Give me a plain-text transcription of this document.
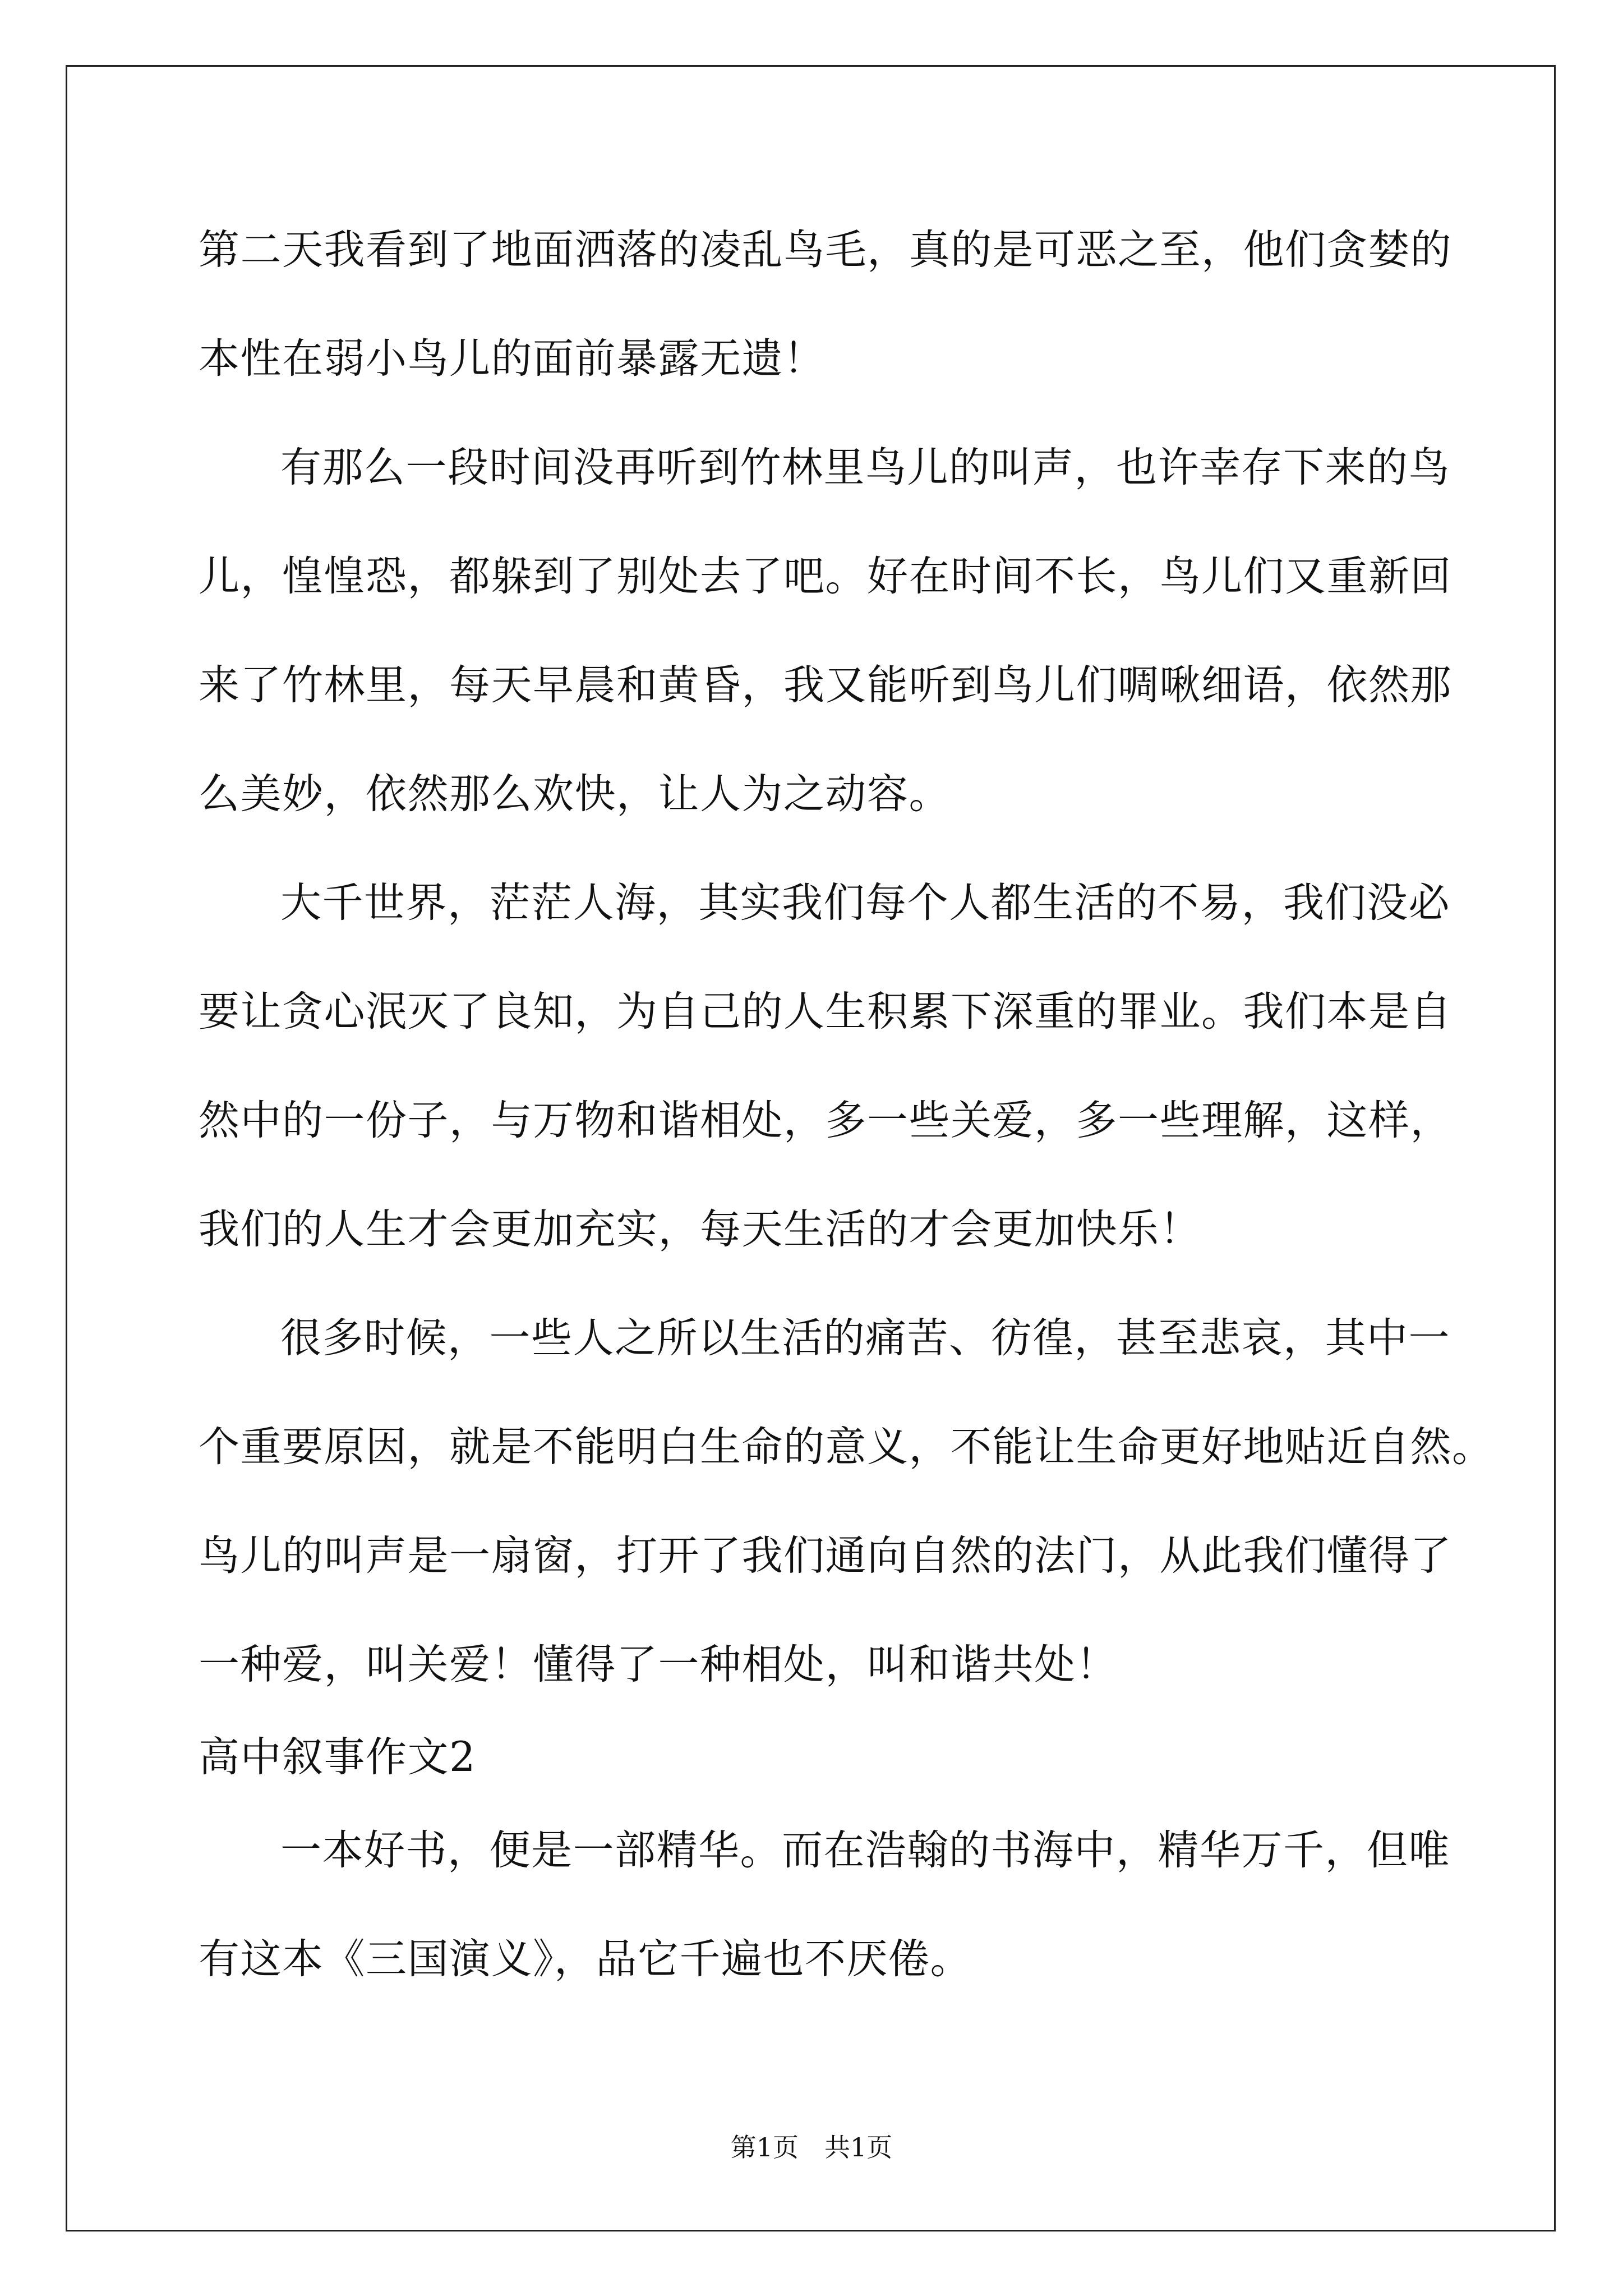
第二天我看到了地面洒落的凌乱鸟毛，真的是可恶之至，他们贪婪的
本性在弱小鸟儿的面前暴露无遗！
有那么一段时间没再听到竹林里鸟儿的叫声，也许幸存下来的鸟
儿，惶惶恐，都躲到了别处去了吧。好在时间不长，鸟儿们又重新回
来了竹林里，每天早晨和黄昏，我又能听到鸟儿们啁啾细语，依然那
么美妙，依然那么欢快，让人为之动容。
大千世界，茫茫人海，其实我们每个人都生活的不易，我们没必
要让贪心泯灭了良知，为自己的人生积累下深重的罪业。我们本是自
然中的一份子，与万物和谐相处，多一些关爱，多一些理解，这样，
我们的人生才会更加充实，每天生活的才会更加快乐！
很多时候，一些人之所以生活的痛苦、彷徨，甚至悲哀，其中一
个重要原因，就是不能明白生命的意义，不能让生命更好地贴近自然。
鸟儿的叫声是一扇窗，打开了我们通向自然的法门，从此我们懂得了
一种爱，叫关爱！懂得了一种相处，叫和谐共处！
高中叙事作文2
一本好书，便是一部精华。而在浩翰的书海中，精华万千，但唯
有这本《三国演义》，品它千遍也不厌倦。
第1页　共1页
